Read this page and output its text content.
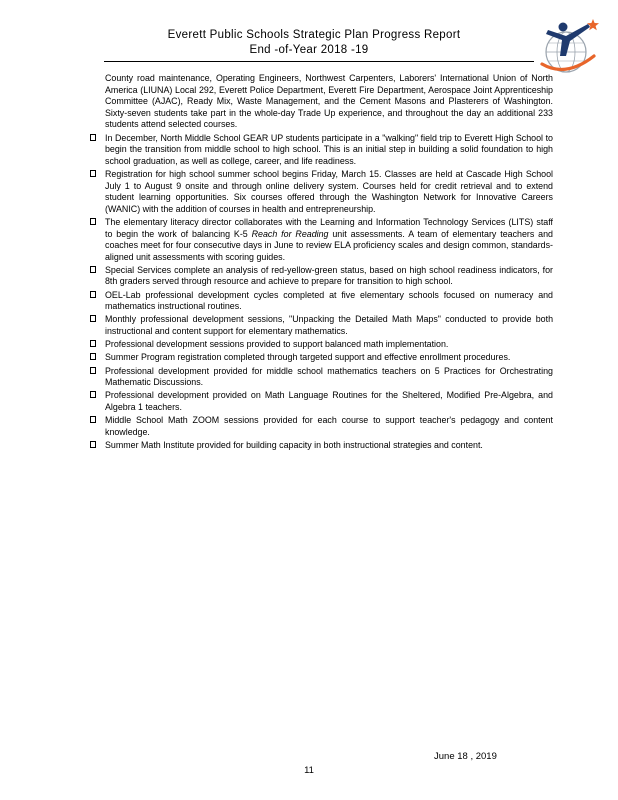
Everett Public Schools Strategic Plan Progress Report
End -of-Year 2018 -19

County road maintenance, Operating Engineers, Northwest Carpenters, Laborers' International Union of North America (LIUNA) Local 292, Everett Police Department, Everett Fire Department, Aerospace Joint Apprenticeship Committee (AJAC), Ready Mix, Waste Management, and the Cement Masons and Plasterers of Washington. Sixty-seven students take part in the whole-day Trade Up experience, and throughout the day an additional 233 students attend selected courses.

In December, North Middle School GEAR UP students participate in a "walking" field trip to Everett High School to begin the transition from middle school to high school. This is an initial step in building a solid foundation to high school graduation, as well as college, career, and life readiness.
Registration for high school summer school begins Friday, March 15. Classes are held at Cascade High School July 1 to August 9 onsite and through online delivery system. Courses held for credit retrieval and to extend student learning opportunities. Six courses offered through the Washington Network for Innovative Careers (WANIC) with the addition of courses in health and entrepreneurship.
The elementary literacy director collaborates with the Learning and Information Technology Services (LITS) staff to begin the work of balancing K-5 Reach for Reading unit assessments. A team of elementary teachers and coaches meet for four consecutive days in June to review ELA proficiency scales and design common, standards-aligned unit assessments with scoring guides.
Special Services complete an analysis of red-yellow-green status, based on high school readiness indicators, for 8th graders served through resource and achieve to prepare for transition to high school.
OEL-Lab professional development cycles completed at five elementary schools focused on numeracy and mathematics instructional routines.
Monthly professional development sessions, "Unpacking the Detailed Math Maps" conducted to provide both instructional and content support for elementary mathematics.
Professional development sessions provided to support balanced math implementation.
Summer Program registration completed through targeted support and effective enrollment procedures.
Professional development provided for middle school mathematics teachers on 5 Practices for Orchestrating Mathematic Discussions.
Professional development provided on Math Language Routines for the Sheltered, Modified Pre-Algebra, and Algebra 1 teachers.
Middle School Math ZOOM sessions provided for each course to support teacher's pedagogy and content knowledge.
Summer Math Institute provided for building capacity in both instructional strategies and content.
June 18 , 2019
11
